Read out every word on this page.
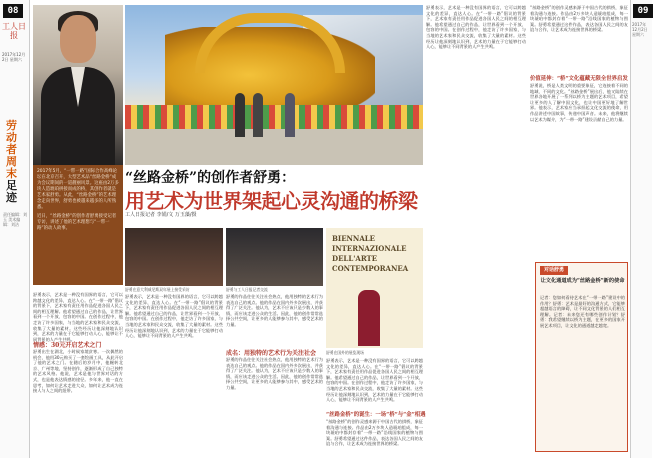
08
工人日报
2017年12月2日 星期六
劳动者周末
足迹
责任编辑：刘玉 美术编辑：刘洁
2017年5月，“一带一路”国际合作高峰论坛在北京召开，大型艺术品“丝路金桥”成为会议期间的一道靓丽风景。这座由2万多块人造琥珀拼接而成的桥，其创作者就是艺术家舒勇。从此，“丝路金桥”的艺术理念走向世界，舒勇也被越来越多的人所熟悉。
近日，“丝路金桥”的创作者舒勇接受记者专访，讲述了他的艺术理想与“一带一路”的动人故事。
“丝路金桥”的创作者舒勇：
用艺术为世界架起心灵沟通的桥梁
工人日报记者 李娟/文 万玉藻/摄
舒勇在意大利威尼斯双年展上接受采访	舒勇与工人日报记者交流
BIENNALE
INTERNAZIONALE
DELL'ARTE
CONTEMPORANEA
舒勇在国外的展览现场
舒勇表示，艺术是一种没有国界的语言，它可以跨越文化的差异，直达人心。在“一带一路”倡议的背景下，艺术家有责任用作品促进各国人民之间的相互理解。他希望通过自己的作品，让世界看到一个开放、包容的中国。在创作过程中，他走访了许多国家，与当地的艺术家和民众交流，收集了大量的素材。这些经历让他深刻地认识到，艺术的力量在于它能够打动人心，能够让不同背景的人产生共鸣。
情感：30元开启艺术之门
舒勇出生在湖北，小时候家境贫寒。一次偶然的机会，他用30元购买了一套绘画工具，从此开启了他的艺术之门。在随后的岁月中，他辗转北京、广州等地，坚持创作，逐渐形成了自己独特的艺术风格。他说，艺术是他与世界对话的方式，也是他表达情感的途径。多年来，他一直在思考，如何让艺术走进大众，如何让艺术成为连接人与人之间的纽带。
舒勇表示，艺术是一种没有国界的语言，它可以跨越文化的差异，直达人心。在“一带一路”倡议的背景下，艺术家有责任用作品促进各国人民之间的相互理解。他希望通过自己的作品，让世界看到一个开放、包容的中国。在创作过程中，他走访了许多国家，与当地的艺术家和民众交流，收集了大量的素材。这些经历让他深刻地认识到，艺术的力量在于它能够打动人心，能够让不同背景的人产生共鸣。
舒勇的作品往往关注社会热点，他用独特的艺术行为表达自己的观点。他的作品在国内外多次展出，并获得了广泛关注。他认为，艺术不应该只是少数人的事情，而应该走进公众的生活。因此，他的创作常常选择公共空间，让更多的人能够参与其中，感受艺术的力量。
成名：用独特的艺术行为关注社会
舒勇的作品往往关注社会热点，他用独特的艺术行为表达自己的观点。他的作品在国内外多次展出，并获得了广泛关注。他认为，艺术不应该只是少数人的事情，而应该走进公众的生活。因此，他的创作常常选择公共空间，让更多的人能够参与其中，感受艺术的力量。
舒勇表示，艺术是一种没有国界的语言，它可以跨越文化的差异，直达人心。在“一带一路”倡议的背景下，艺术家有责任用作品促进各国人民之间的相互理解。他希望通过自己的作品，让世界看到一个开放、包容的中国。在创作过程中，他走访了许多国家，与当地的艺术家和民众交流，收集了大量的素材。这些经历让他深刻地认识到，艺术的力量在于它能够打动人心，能够让不同背景的人产生共鸣。
“丝路金桥”的诞生：一场“桥”与“金”相遇
“丝路金桥”的创作灵感来源于中国古代的拱桥，象征着沟通与连接。作品由2万多块人造琥珀组成，每一块琥珀中都封存着“一带一路”沿线国家的植物与图案。舒勇希望通过这件作品，表达各国人民之间的友谊与合作，让艺术成为连接世界的桥梁。
舒勇表示，艺术是一种没有国界的语言，它可以跨越文化的差异，直达人心。在“一带一路”倡议的背景下，艺术家有责任用作品促进各国人民之间的相互理解。他希望通过自己的作品，让世界看到一个开放、包容的中国。在创作过程中，他走访了许多国家，与当地的艺术家和民众交流，收集了大量的素材。这些经历让他深刻地认识到，艺术的力量在于它能够打动人心，能够让不同背景的人产生共鸣。
“丝路金桥”的创作灵感来源于中国古代的拱桥，象征着沟通与连接。作品由2万多块人造琥珀组成，每一块琥珀中都封存着“一带一路”沿线国家的植物与图案。舒勇希望通过这件作品，表达各国人民之间的友谊与合作，让艺术成为连接世界的桥梁。
价值延伸：“桥”文化蕴藏无限全世界启发
舒勇说，桥是人类文明的重要象征，它连接着不同的地域、不同的文化。“丝路金桥”展出后，他又陆续在世界各地开展了一系列以桥为主题的艺术项目，希望让更多的人了解中国文化，也让中国更好地了解世界。他表示，艺术家应当承担起文化交流的使命，用作品讲述中国故事，传递中国声音。未来，他将继续以艺术为媒介，为“一带一路”建设贡献自己的力量。
对话舒勇
让文化通道成为“丝路金桥”新的使命
记者：您如何看待艺术在“一带一路”建设中的作用？舒勇：艺术是最好的沟通方式，它能够超越语言的障碍，让不同文化背景的人们相互理解。记者：未来您还有哪些创作计划？舒勇：我希望继续以桥为主题，在更多的国家开展艺术项目，让文化的通道越走越宽。
09
2017年12月2日 星期六
